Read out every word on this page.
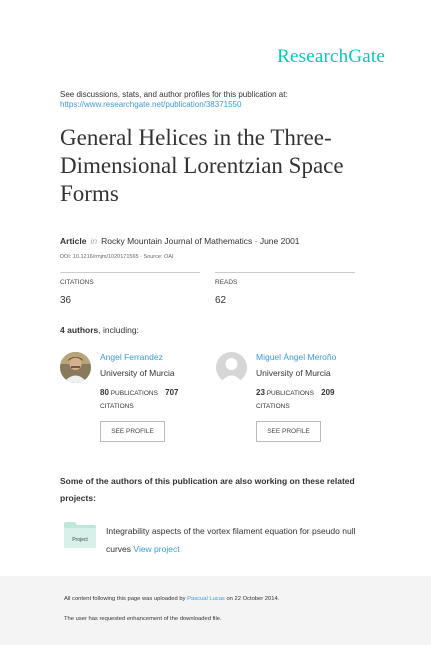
ResearchGate
See discussions, stats, and author profiles for this publication at:
https://www.researchgate.net/publication/38371550
General Helices in the Three-Dimensional Lorentzian Space Forms
Article in Rocky Mountain Journal of Mathematics · June 2001
DOI: 10.1216/rmjm/1020171565 · Source: OAI
CITATIONS
36
READS
62
4 authors, including:
Angel Ferrandez
University of Murcia
80 PUBLICATIONS 707
CITATIONS
SEE PROFILE
Miguel Ángel Meroño
University of Murcia
23 PUBLICATIONS 209
CITATIONS
SEE PROFILE
Some of the authors of this publication are also working on these related projects:
Project
Integrability aspects of the vortex filament equation for pseudo null curves View project

All content following this page was uploaded by Pascual Lucas on 22 October 2014.

The user has requested enhancement of the downloaded file.
